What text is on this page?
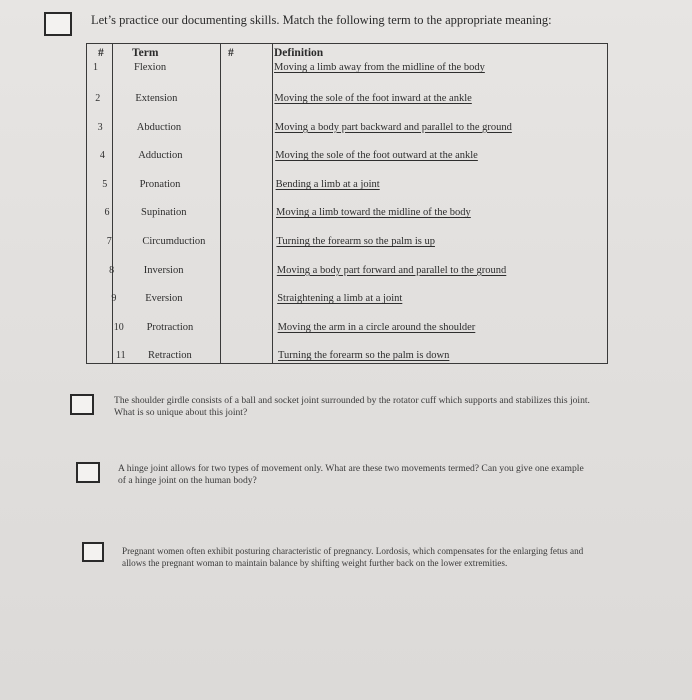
Let’s practice our documenting skills. Match the following term to the appropriate meaning:
# Term	#	Definition
1	Flexion	Moving a limb away from the midline of the body
2	Extension	Moving the sole of the foot inward at the ankle
3	Abduction	Moving a body part backward and parallel to the ground
4	Adduction	Moving the sole of the foot outward at the ankle
5	Pronation	Bending a limb at a joint
6	Supination	Moving a limb toward the midline of the body
7	Circumduction	Turning the forearm so the palm is up
8	Inversion	Moving a body part forward and parallel to the ground
9	Eversion	Straightening a limb at a joint
10 Protraction	Moving the arm in a circle around the shoulder
11 Retraction	Turning the forearm so the palm is down
The shoulder girdle consists of a ball and socket joint surrounded by the rotator cuff which supports and stabilizes this joint. What is so unique about this joint?
A hinge joint allows for two types of movement only. What are these two movements termed? Can you give one example of a hinge joint on the human body?
Pregnant women often exhibit posturing characteristic of pregnancy. Lordosis, which compensates for the enlarging fetus and allows the pregnant woman to maintain balance by shifting weight further back on the lower extremities.
